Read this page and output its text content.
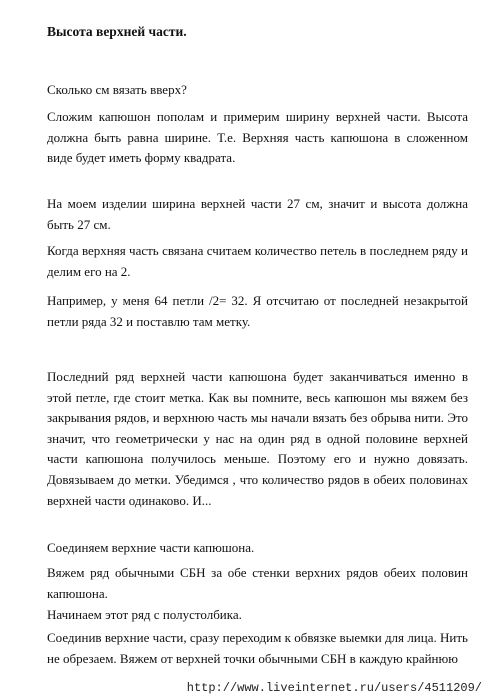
Высота верхней части.

Сколько см вязать вверх?

Сложим капюшон пополам и примерим ширину верхней части. Высота должна быть равна ширине. Т.е. Верхняя часть капюшона в сложенном виде будет иметь форму квадрата.

На моем изделии ширина верхней части 27 см, значит и высота должна быть 27 см.

Когда верхняя часть связана считаем количество петель в последнем ряду и делим его на 2.

Например, у меня 64 петли /2= 32. Я отсчитаю от последней незакрытой петли ряда 32 и поставлю там метку.

Последний ряд верхней части капюшона будет заканчиваться именно в этой петле, где стоит метка. Как вы помните, весь капюшон мы вяжем без закрывания рядов, и верхнюю часть мы начали вязать без обрыва нити. Это значит, что геометрически у нас на один ряд в одной половине верхней части капюшона получилось меньше. Поэтому его и нужно довязать. Довязываем до метки. Убедимся , что количество рядов в обеих половинах верхней части одинаково. И...

Соединяем верхние части капюшона.

Вяжем ряд обычными СБН за обе стенки верхних рядов обеих половин капюшона.

Начинаем этот ряд с полустолбика.

Соединив верхние части, сразу переходим к обвязке выемки для лица. Нить не обрезаем. Вяжем от верхней точки обычными СБН в каждую крайнюю

http://www.liveinternet.ru/users/4511209/
